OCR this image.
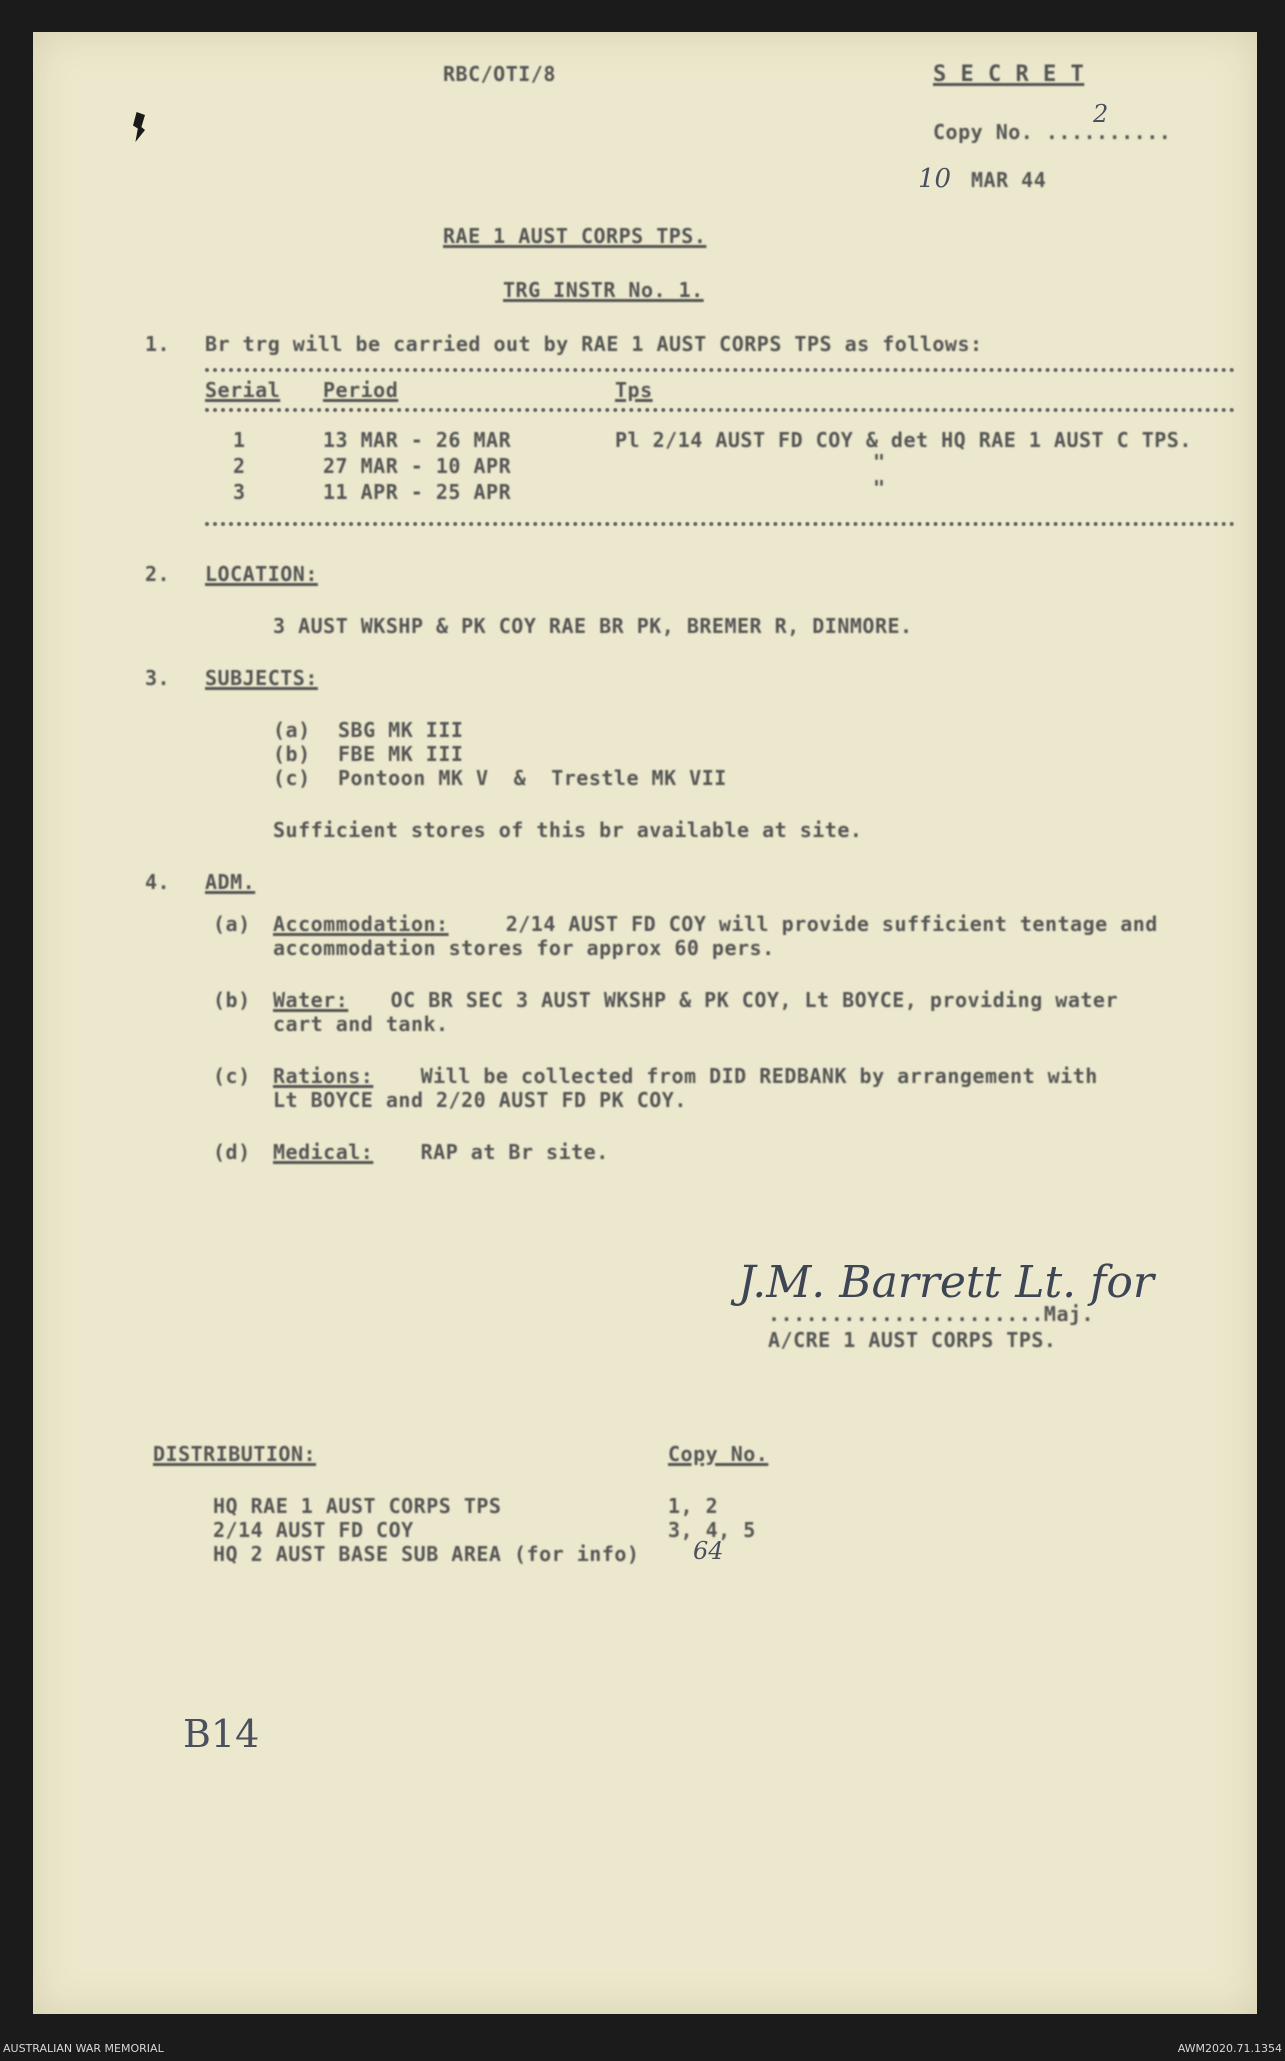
RBC/OTI/8	S E C R E T
Copy No. ..........
2
10 MAR 44
RAE 1 AUST CORPS TPS.
TRG INSTR No. 1.
1. Br trg will be carried out by RAE 1 AUST CORPS TPS as follows:
Serial Period	Tps
1	13 MAR - 26 MAR	Pl 2/14 AUST FD COY & det HQ RAE 1 AUST C TPS.
2	27 MAR - 10 APR	"
3	11 APR - 25 APR	"
2. LOCATION:
3 AUST WKSHP & PK COY RAE BR PK, BREMER R, DINMORE.
3. SUBJECTS:
(a) SBG MK III
(b) FBE MK III
(c) Pontoon MK V  &  Trestle MK VII
Sufficient stores of this br available at site.
4. ADM.
(a) Accommodation:
2/14 AUST FD COY will provide sufficient tentage and
accommodation stores for approx 60 pers.
(b) Water: OC BR SEC 3 AUST WKSHP & PK COY, Lt BOYCE, providing water
cart and tank.
(c) Rations: Will be collected from DID REDBANK by arrangement with
Lt BOYCE and 2/20 AUST FD PK COY.
(d) Medical: RAP at Br site.
J.M. Barrett Lt. for
......................Maj.
A/CRE 1 AUST CORPS TPS.
DISTRIBUTION:	Copy No.
HQ RAE 1 AUST CORPS TPS	1, 2
2/14 AUST FD COY	3, 4, 5
HQ 2 AUST BASE SUB AREA (for info) 64
B14
AUSTRALIAN WAR MEMORIAL	AWM2020.71.1354
